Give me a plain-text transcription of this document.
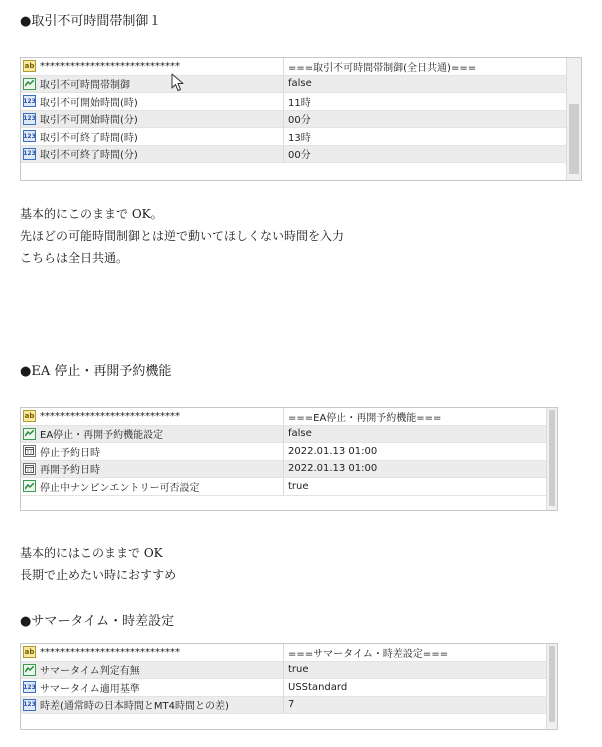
●取引不可時間帯制御１
ab ****************************	===取引不可時間帯制御(全日共通)===
取引不可時間帯制御	false
123 取引不可開始時間(時)	11時
123 取引不可開始時間(分)	00分
123 取引不可終了時間(時)	13時
123 取引不可終了時間(分)	00分
基本的にこのままで OK。
先ほどの可能時間制御とは逆で動いてほしくない時間を入力
こちらは全日共通。
●EA 停止・再開予約機能
ab ****************************	===EA停止・再開予約機能===
EA停止・再開予約機能設定	false
停止予約日時	2022.01.13 01:00
再開予約日時	2022.01.13 01:00
停止中ナンピンエントリー可否設定	true
基本的にはこのままで OK
長期で止めたい時におすすめ
●サマータイム・時差設定
ab ****************************	===サマータイム・時差設定===
サマータイム判定有無	true
123 サマータイム適用基準	USStandard
123 時差(通常時の日本時間とMT4時間との差)	7
